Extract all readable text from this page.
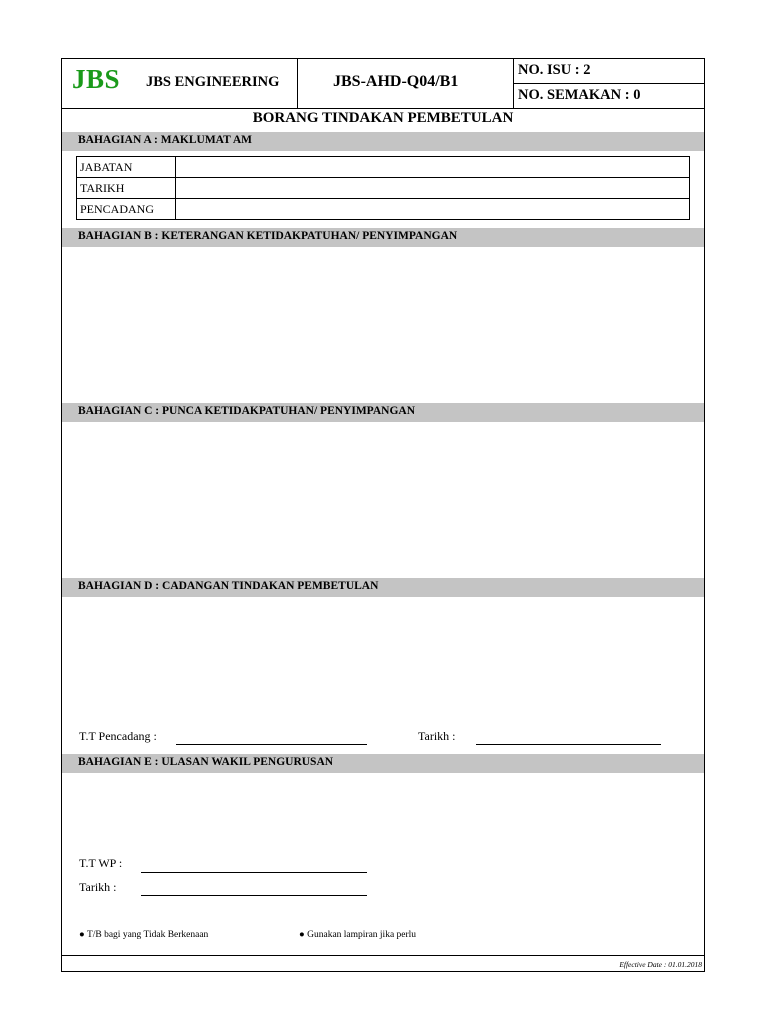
JBS JBS ENGINEERING	JBS-AHD-Q04/B1
NO. ISU : 2
NO. SEMAKAN : 0
BORANG TINDAKAN PEMBETULAN
BAHAGIAN A : MAKLUMAT AM
JABATAN	
TARIKH	
PENCADANG	
BAHAGIAN B : KETERANGAN KETIDAKPATUHAN/ PENYIMPANGAN
BAHAGIAN C : PUNCA KETIDAKPATUHAN/ PENYIMPANGAN
BAHAGIAN D : CADANGAN TINDAKAN PEMBETULAN
T.T Pencadang :	Tarikh :
BAHAGIAN E : ULASAN WAKIL PENGURUSAN
T.T WP :
Tarikh :
● T/B bagi yang Tidak Berkenaan	● Gunakan lampiran jika perlu
Effective Date : 01.01.2018
